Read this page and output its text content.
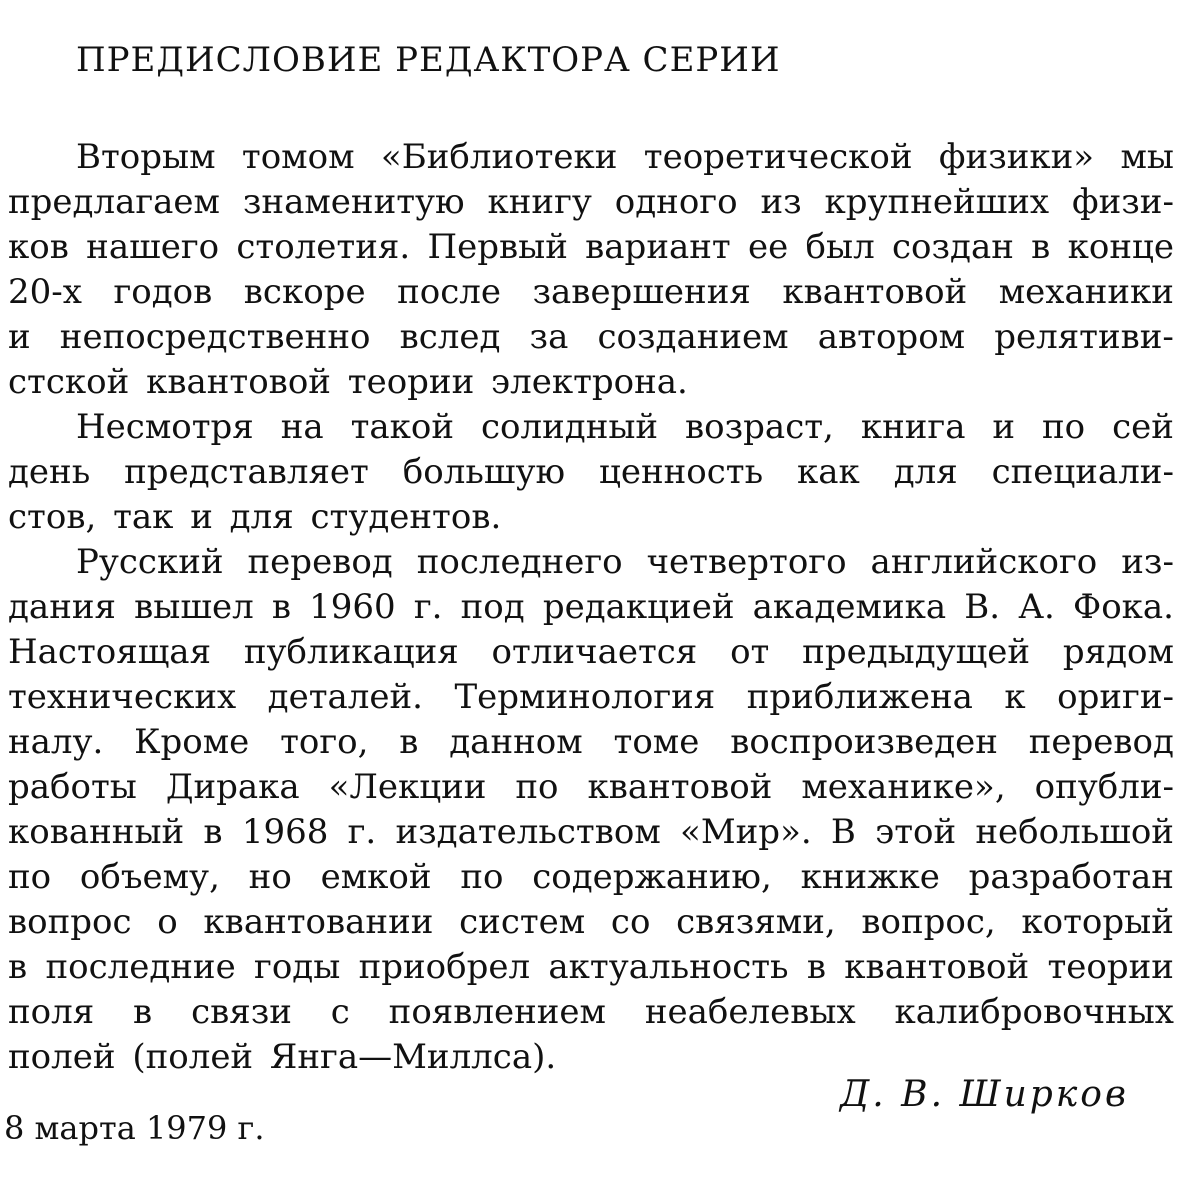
ПРЕДИСЛОВИЕ РЕДАКТОРА СЕРИИ
Вторым томом «Библиотеки теоретической физики» мы
предлагаем знаменитую книгу одного из крупнейших физи-
ков нашего столетия. Первый вариант ее был создан в конце
20-х годов вскоре после завершения квантовой механики
и непосредственно вслед за созданием автором релятиви-
стской квантовой теории электрона.
Несмотря на такой солидный возраст, книга и по сей
день представляет большую ценность как для специали-
стов, так и для студентов.
Русский перевод последнего четвертого английского из-
дания вышел в 1960 г. под редакцией академика В. А. Фока.
Настоящая публикация отличается от предыдущей рядом
технических деталей. Терминология приближена к ориги-
налу. Кроме того, в данном томе воспроизведен перевод
работы Дирака «Лекции по квантовой механике», опубли-
кованный в 1968 г. издательством «Мир». В этой небольшой
по объему, но емкой по содержанию, книжке разработан
вопрос о квантовании систем со связями, вопрос, который
в последние годы приобрел актуальность в квантовой теории
поля в связи с появлением неабелевых калибровочных
полей (полей Янга—Миллса).
Д. В. Ширков
8 марта 1979 г.
